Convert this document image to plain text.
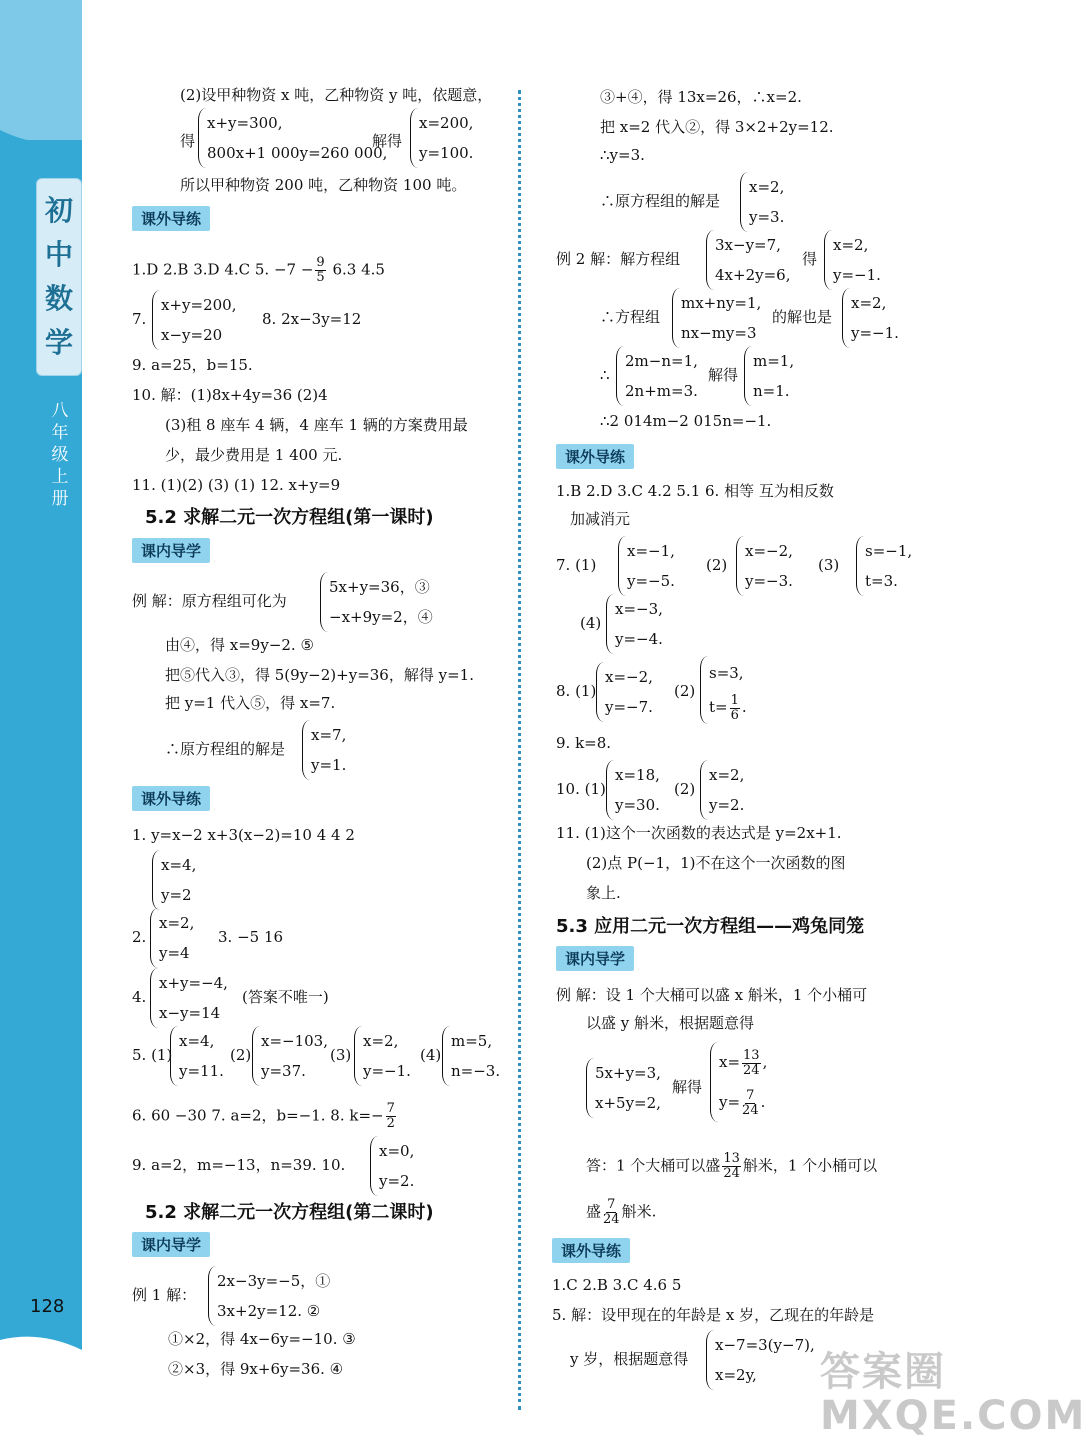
初
中
数
学
八年级上册
128
(2)设甲种物资 x 吨，乙种物资 y 吨，依题意，
得
x+y=300,
800x+1 000y=260 000,
解得
x=200,
y=100.
所以甲种物资 200 吨，乙种物资 100 吨。
课外导练
1.D 2.B 3.D 4.C 5. $-7 - \frac{9}{5} 6.3$ 4.5
7.
x+y=200,
x−y=20
8. 2x−3y=12
9. a=25，b=15.
10. 解：(1)8x+4y=36 (2)4
(3)租 8 座车 4 辆，4 座车 1 辆的方案费用最
少，最少费用是 1 400 元.
11. (1)(2) (3) (1) 12. x+y=9
5.2 求解二元一次方程组(第一课时)
课内导学
例 解：原方程组可化为
5x+y=36，③
−x+9y=2，④
由④，得 x=9y−2. ⑤
把⑤代入③，得 5(9y−2)+y=36，解得 y=1.
把 y=1 代入⑤，得 x=7.
∴原方程组的解是
x=7,
y=1.
课外导练
1. y=x−2 x+3(x−2)=10 4 4 2
x=4,
y=2
2.
x=2,
y=4
3. −5 16
4.
x+y=−4,
x−y=14
(答案不唯一)
5. (1)
x=4,
y=11.
(2)
x=−103,
y=37.
(3)
x=2,
y=−1.
(4)
m=5,
n=−3.
6. 60 −30 7. a=2，b=−1. 8. $k=- \frac{7}{2}$
9. a=2，m=−13，n=39. 10.
x=0,
y=2.
5.2 求解二元一次方程组(第二课时)
课内导学
例 1 解：
2x−3y=−5，①
3x+2y=12. ②
①×2，得 4x−6y=−10. ③
②×3，得 9x+6y=36. ④
③+④，得 13x=26，∴x=2.
把 x=2 代入②，得 3×2+2y=12.
∴y=3.
∴原方程组的解是
x=2,
y=3.
例 2 解：解方程组
3x−y=7,
4x+2y=6,
得
x=2,
y=−1.
∴方程组
mx+ny=1,
nx−my=3
的解也是
x=2,
y=−1.
∴
2m−n=1,
2n+m=3.
解得
m=1,
n=1.
∴2 014m−2 015n=−1.
课外导练
1.B 2.D 3.C 4.2 5.1 6. 相等 互为相反数
加减消元
7. (1)
x=−1,
y=−5.
(2)
x=−2,
y=−3.
(3)
s=−1,
t=3.
(4)
x=−3,
y=−4.
8. (1)
x=−2,
y=−7.
(2)
s=3,
$t= \frac{1}{6}$ .
9. k=8.
10. (1)
x=18,
y=30.
(2)
x=2,
y=2.
11. (1)这个一次函数的表达式是 y=2x+1.
(2)点 P(−1，1)不在这个一次函数的图
象上.
5.3 应用二元一次方程组——鸡兔同笼
课内导学
例 解：设 1 个大桶可以盛 x 斛米，1 个小桶可
以盛 y 斛米，根据题意得
5x+y=3,
x+5y=2,
解得
$x= \frac{13}{24}$ ,
$y= \frac{7}{24}$ .
答：1 个大桶可以盛 $\frac{13}{24}$ 斛米，1 个小桶可以
盛 $\frac{7}{24}$ 斛米.
课外导练
1.C 2.B 3.C 4.6 5
5. 解：设甲现在的年龄是 x 岁，乙现在的年龄是
y 岁，根据题意得
x−7=3(y−7),
x=2y,	答案圈 MXQE.COM
